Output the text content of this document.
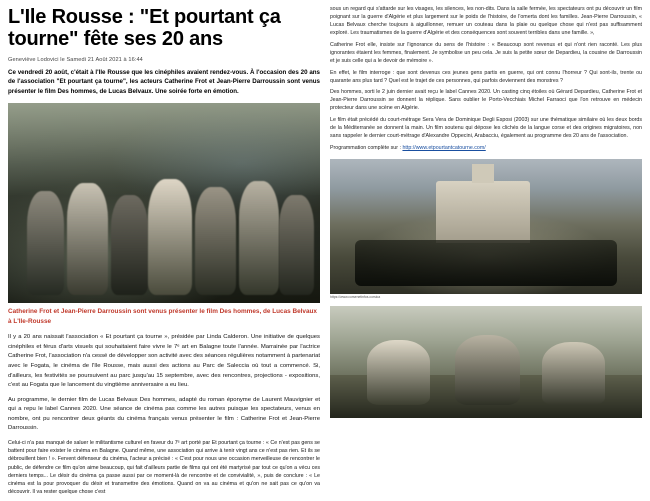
L'Ile Rousse : "Et pourtant ça tourne" fête ses 20 ans
Geneviève Lodovici le Samedi 21 Août 2021 à 16:44
Ce vendredi 20 août, c'était à l'Ile Rousse que les cinéphiles avaient rendez-vous. À l'occasion des 20 ans de l'association "Et pourtant ça tourne", les acteurs Catherine Frot et Jean-Pierre Darroussin sont venus présenter le film Des hommes, de Lucas Belvaux. Une soirée forte en émotion.
Catherine Frot et Jean-Pierre Darroussin sont venus présenter le film Des hommes, de Lucas Belvaux à L'Ile-Rousse

Il y a 20 ans naissait l'association « Et pourtant ça tourne », présidée par Linda Calderon. Une initiative de quelques cinéphiles et férus d'arts visuels qui souhaitaient faire vivre le 7ᵉ art en Balagne toute l'année. Marrainée par l'actrice Catherine Frot, l'association n'a cessé de développer son activité avec des séances régulières notamment à partenariat avec le Fogata, le cinéma de l'Ile Rousse, mais aussi des actions au Parc de Saleccia où tout a commencé. Si, d'ailleurs, les festivités se poursuivent au parc jusqu'au 15 septembre, avec des rencontres, projections - expositions, c'est au Fogata que le lancement du vingtième anniversaire a eu lieu.

Au programme, le dernier film de Lucas Belvaux Des hommes, adapté du roman éponyme de Laurent Mauvignier et qui a repu le label Cannes 2020. Une séance de cinéma pas comme les autres puisque les spectateurs, venus en nombre, ont pu rencontrer deux géants du cinéma français venus présenter le film : Catherine Frot et Jean-Pierre Darroussin.

Celui-ci n'a pas manqué de saluer le militantisme culturel en faveur du 7ᵉ art porté par Et pourtant ça tourne : « Ce n'est pas gens se battent pour faire exister le cinéma en Balagne. Quand même, une association qui arrive à tenir vingt ans ce n'est pas rien. Et ils se débrouillent bien ! ». Fervent défenseur du cinéma, l'acteur a précisé : « C'est pour nous une occasion merveilleuse de rencontrer le public, de défendre ce film qu'on aime beaucoup, qui fait d'ailleurs partie de films qui ont été martyrisé par tout ce qu'on a vécu ces derniers temps... Le désir du cinéma ça passe aussi par ce moment-là de rencontre et de convivialité, », puis de conclure : « Le cinéma est la pour provoquer du désir et transmettre des émotions. Quand on va au cinéma et qu'on ne sait pas ce qu'on va découvrir. Il va rester quelque chose c'est

sous un regard qui s'attarde sur les visages, les silences, les non-dits. Dans la salle fermée, les spectateurs ont pu découvrir un film poignant sur la guerre d'Algérie et plus largement sur le poids de l'histoire, de l'omerta dont les familles. Jean-Pierre Darroussin, « Lucas Belvaux cherche toujours à aiguillonner, remuer un couteau dans la plaie ou quelque chose qui n'est pas suffisamment exploré. Les traumatismes de la guerre d'Algérie et des conséquences sont souvent terribles dans une famille. »,

Catherine Frot elle, insiste sur l'ignorance du sens de l'histoire : « Beaucoup sont revenus et qui n'ont rien raconté. Les plus ignorantes étaient les femmes, finalement. Je symbolise un peu cela. Je suis la petite sœur de Depardieu, la cousine de Darroussin et je suis celle qui a le devoir de mémoire ».

En effet, le film interroge : que sont devenus ces jeunes gens partis en guerre, qui ont connu l'horreur ? Qui sont-ils, trente ou quarante ans plus tard ? Quel est le trajet de ces personnes, qui parfois deviennent des monstres ?

Des hommes, sorti le 2 juin dernier avait reçu le label Cannes 2020. Un casting cinq étoiles où Gérard Depardieu, Catherine Frot et Jean-Pierre Darroussin se donnent la réplique. Sans oublier le Porto-Vecchiais Michel Farraoci que l'on retrouve en médecin protecteur dans une scène en Algérie.

Le film était précédé du court-métrage Sera Vera de Dominique Degli Esposi (2003) sur une thématique similaire où les deux bords de la Méditerranée se donnent la main. Un film soutenu qui dépose les clichés de la langue corse et des origines migratoires, non sans rappeler le dernier court-métrage d'Alexandre Oppecini, Arabacciu, également au programme des 20 ans de l'association.

Programmation complète sur : http://www.etpourtantcatourne.com/

https://www.corsenetinfos.corsica
